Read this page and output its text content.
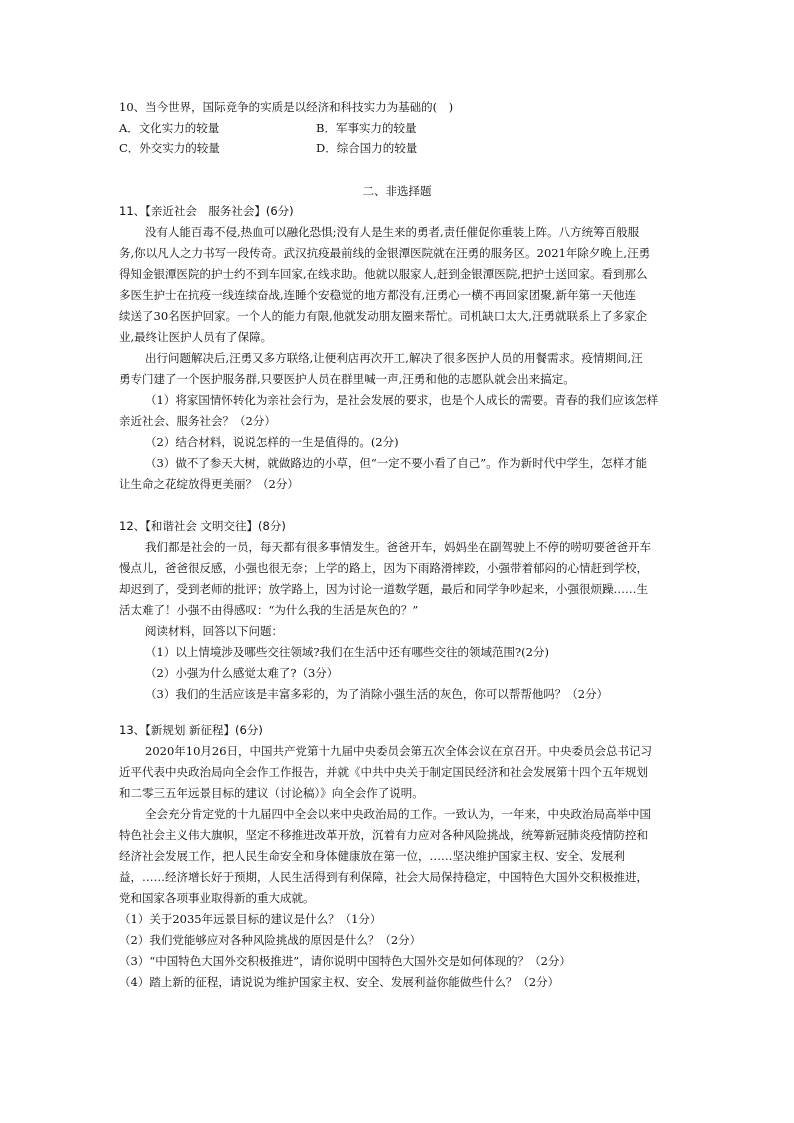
10、当今世界，国际竞争的实质是以经济和科技实力为基础的(　)
A．文化实力的较量	B．军事实力的较量
C．外交实力的较量	D．综合国力的较量
二、非选择题
11、【亲近社会　服务社会】(6分)
没有人能百毒不侵,热血可以融化恐惧;没有人是生来的勇者,责任催促你重装上阵。八方统筹百般服
务,你以凡人之力书写一段传奇。武汉抗疫最前线的金银潭医院就在汪勇的服务区。2021年除夕晚上,汪勇
得知金银潭医院的护士约不到车回家,在线求助。他就以服家人,赶到金银潭医院,把护士送回家。看到那么
多医生护士在抗疫一线连续奋战,连睡个安稳觉的地方都没有,汪勇心一横不再回家团聚,新年第一天他连
续送了30名医护回家。一个人的能力有限,他就发动朋友圈来帮忙。司机缺口太大,汪勇就联系上了多家企
业,最终让医护人员有了保障。
出行问题解决后,汪勇又多方联络,让便利店再次开工,解决了很多医护人员的用餐需求。疫情期间,汪
勇专门建了一个医护服务群,只要医护人员在群里喊一声,汪勇和他的志愿队就会出来搞定。
（1）将家国情怀转化为亲社会行为，是社会发展的要求，也是个人成长的需要。青春的我们应该怎样
亲近社会、服务社会？（2分）
（2）结合材料，说说怎样的一生是值得的。(2分)
（3）做不了参天大树，就做路边的小草，但“一定不要小看了自己”。作为新时代中学生，怎样才能
让生命之花绽放得更美丽？（2分）
12、【和谐社会 文明交往】(8分)
我们都是社会的一员，每天都有很多事情发生。爸爸开车，妈妈坐在副驾驶上不停的唠叨要爸爸开车
慢点儿，爸爸很反感，小强也很无奈；上学的路上，因为下雨路滑摔跤，小强带着郁闷的心情赶到学校，
却迟到了，受到老师的批评；放学路上，因为讨论一道数学题，最后和同学争吵起来，小强很烦躁……生
活太难了！小强不由得感叹：“为什么我的生活是灰色的？”
阅读材料，回答以下问题：
（1）以上情境涉及哪些交往领域?我们在生活中还有哪些交往的领域范围?(2分)
（2）小强为什么感觉太难了?（3分）
（3）我们的生活应该是丰富多彩的，为了消除小强生活的灰色，你可以帮帮他吗？（2分）
13、【新规划 新征程】(6分)
2020年10月26日，中国共产党第十九届中央委员会第五次全体会议在京召开。中央委员会总书记习
近平代表中央政治局向全会作工作报告，并就《中共中央关于制定国民经济和社会发展第十四个五年规划
和二零三五年远景目标的建议（讨论稿）》向全会作了说明。
全会充分肯定党的十九届四中全会以来中央政治局的工作。一致认为，一年来，中央政治局高举中国
特色社会主义伟大旗帜，坚定不移推进改革开放，沉着有力应对各种风险挑战，统筹新冠肺炎疫情防控和
经济社会发展工作，把人民生命安全和身体健康放在第一位，……坚决维护国家主权、安全、发展利
益，……经济增长好于预期，人民生活得到有利保障，社会大局保持稳定，中国特色大国外交积极推进，
党和国家各项事业取得新的重大成就。
（1）关于2035年远景目标的建议是什么？（1分）
（2）我们党能够应对各种风险挑战的原因是什么？（2分）
（3）“中国特色大国外交积极推进”，请你说明中国特色大国外交是如何体现的？（2分）
（4）踏上新的征程，请说说为维护国家主权、安全、发展利益你能做些什么？（2分）
